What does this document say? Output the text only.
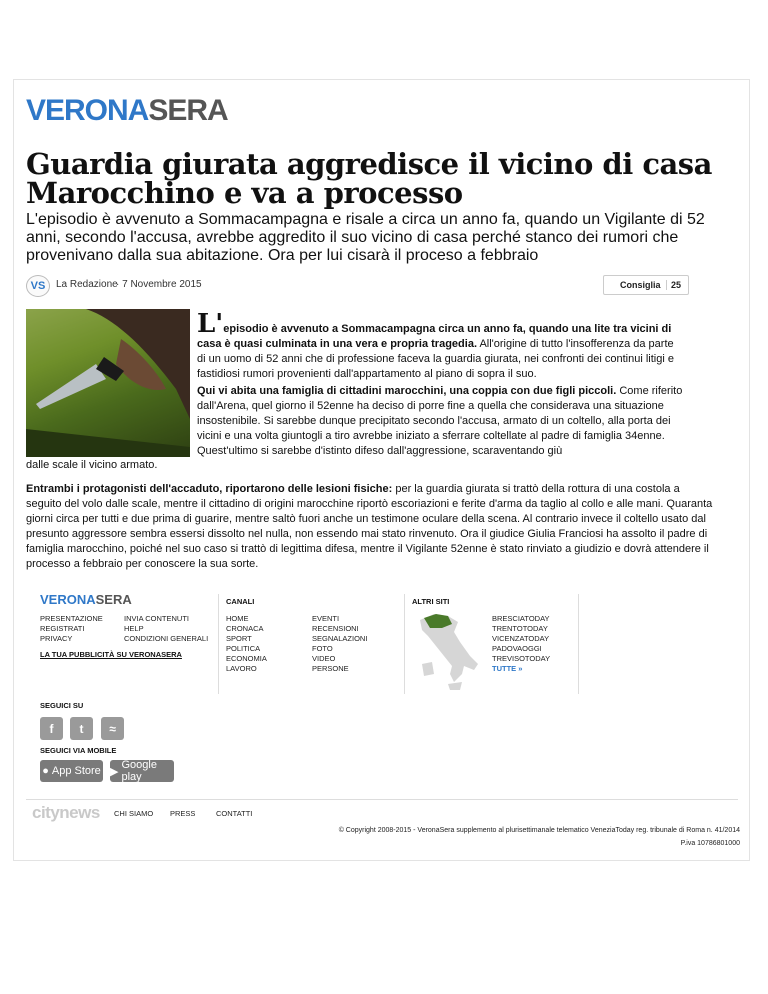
VERONASERA
Guardia giurata aggredisce il vicino di casa Marocchino e va a processo

L'episodio è avvenuto a Sommacampagna e risale a circa un anno fa, quando un Vigilante di 52 anni, secondo l'accusa, avrebbe aggredito il suo vicino di casa perché stanco dei rumori che provenivano dalla sua abitazione. Ora per lui cisarà il proceso a febbraio

VS	La Redazione
· 7 Novembre 2015	Consiglia	25

L'episodio è avvenuto a Sommacampagna circa un anno fa, quando una lite tra vicini di casa è quasi culminata in una vera e propria tragedia. All'origine di tutto l'insofferenza da parte di un uomo di 52 anni che di professione faceva la guardia giurata, nei confronti dei continui litigi e fastidiosi rumori provenienti dall'appartamento al piano di sopra il suo.

Qui vi abita una famiglia di cittadini marocchini, una coppia con due figli piccoli. Come riferito dall'Arena, quel giorno il 52enne ha deciso di porre fine a quella che considerava una situazione insostenibile. Si sarebbe dunque precipitato secondo l'accusa, armato di un coltello, alla porta dei vicini e una volta giuntogli a tiro avrebbe iniziato a sferrare coltellate al padre di famiglia 34enne. Quest'ultimo si sarebbe d'istinto difeso dall'aggressione, scaraventando giù

dalle scale il vicino armato.

Entrambi i protagonisti dell'accaduto, riportarono delle lesioni fisiche: per la guardia giurata si trattò della rottura di una costola a seguito del volo dalle scale, mentre il cittadino di origini marocchine riportò escoriazioni e ferite d'arma da taglio al collo e alle mani. Quaranta giorni circa per tutti e due prima di guarire, mentre saltò fuori anche un testimone oculare della scena. Al contrario invece il coltello usato dal presunto aggressore sembra essersi dissolto nel nulla, non essendo mai stato rinvenuto. Ora il giudice Giulia Franciosi ha assolto il padre di famiglia marocchino, poiché nel suo caso si trattò di legittima difesa, mentre il Vigilante 52enne è stato rinviato a giudizio e dovrà attendere il processo a febbraio per conoscere la sua sorte.

VERONASERA
PRESENTAZIONE
REGISTRATI
PRIVACY
INVIA CONTENUTI
HELP
CONDIZIONI GENERALI
LA TUA PUBBLICITÀ SU VERONASERA
CANALI
HOME
CRONACA
SPORT
POLITICA
ECONOMIA
LAVORO
EVENTI
RECENSIONI
SEGNALAZIONI
FOTO
VIDEO
PERSONE
ALTRI SITI
BRESCIATODAY
TRENTOTODAY
VICENZATODAY
PADOVAOGGI
TREVISOTODAY
TUTTE »
SEGUICI SU
f	t	≈
SEGUICI VIA MOBILE
● App Store ▶
Google play
citynews CHI SIAMO PRESS	CONTATTI
© Copyright 2008-2015 - VeronaSera supplemento al plurisettimanale telematico VeneziaToday reg. tribunale di Roma n. 41/2014
P.iva 10786801000
